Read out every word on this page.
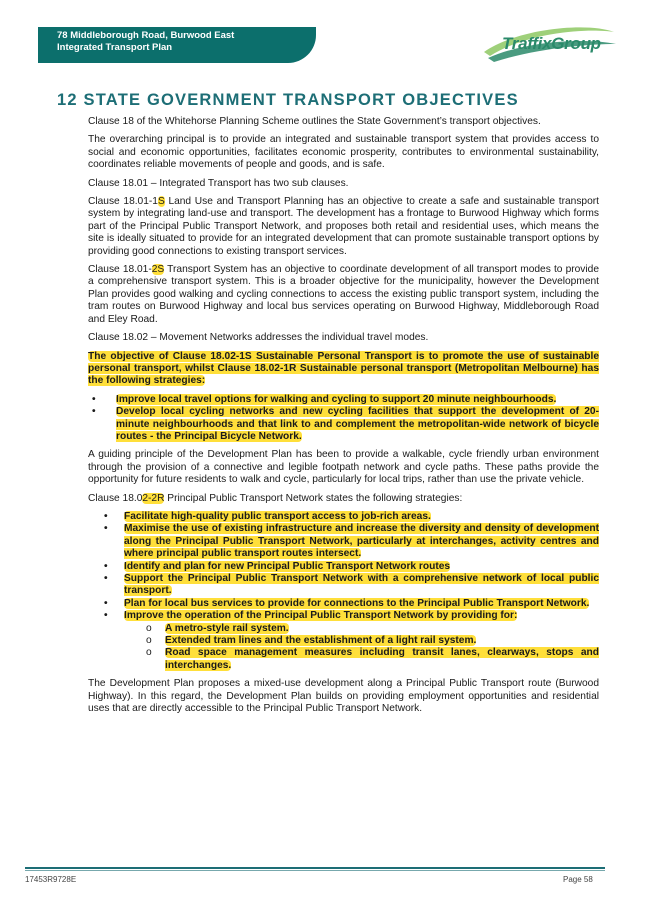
78 Middleborough Road, Burwood East
Integrated Transport Plan	TraffixGroup
12 STATE GOVERNMENT TRANSPORT OBJECTIVES

Clause 18 of the Whitehorse Planning Scheme outlines the State Government’s transport objectives.

The overarching principal is to provide an integrated and sustainable transport system that provides access to social and economic opportunities, facilitates economic prosperity, contributes to environmental sustainability, coordinates reliable movements of people and goods, and is safe.

Clause 18.01 – Integrated Transport has two sub clauses.

Clause 18.01-1S Land Use and Transport Planning has an objective to create a safe and sustainable transport system by integrating land-use and transport. The development has a frontage to Burwood Highway which forms part of the Principal Public Transport Network, and proposes both retail and residential uses, which means the site is ideally situated to provide for an integrated development that can promote sustainable transport options by providing good connections to existing transport services.

Clause 18.01-2S Transport System has an objective to coordinate development of all transport modes to provide a comprehensive transport system. This is a broader objective for the municipality, however the Development Plan provides good walking and cycling connections to access the existing public transport system, including the tram routes on Burwood Highway and local bus services operating on Burwood Highway, Middleborough Road and Eley Road.

Clause 18.02 – Movement Networks addresses the individual travel modes.

The objective of Clause 18.02-1S Sustainable Personal Transport is to promote the use of sustainable personal transport, whilst Clause 18.02-1R Sustainable personal transport (Metropolitan Melbourne) has the following strategies:

• Improve local travel options for walking and cycling to support 20 minute neighbourhoods.
• Develop local cycling networks and new cycling facilities that support the development of 20-minute neighbourhoods and that link to and complement the metropolitan-wide network of bicycle routes - the Principal Bicycle Network.

A guiding principle of the Development Plan has been to provide a walkable, cycle friendly urban environment through the provision of a connective and legible footpath network and cycle paths. These paths provide the opportunity for future residents to walk and cycle, particularly for local trips, rather than use the private vehicle.

Clause 18.02-2R Principal Public Transport Network states the following strategies:

• Facilitate high-quality public transport access to job-rich areas.
• Maximise the use of existing infrastructure and increase the diversity and density of development along the Principal Public Transport Network, particularly at interchanges, activity centres and where principal public transport routes intersect.
• Identify and plan for new Principal Public Transport Network routes
• Support the Principal Public Transport Network with a comprehensive network of local public transport.
• Plan for local bus services to provide for connections to the Principal Public Transport Network.
• Improve the operation of the Principal Public Transport Network by providing for:
o A metro-style rail system.
o Extended tram lines and the establishment of a light rail system.
o Road space management measures including transit lanes, clearways, stops and interchanges.

The Development Plan proposes a mixed-use development along a Principal Public Transport route (Burwood Highway). In this regard, the Development Plan builds on providing employment opportunities and residential uses that are directly accessible to the Principal Public Transport Network.

17453R9728E	Page 58
